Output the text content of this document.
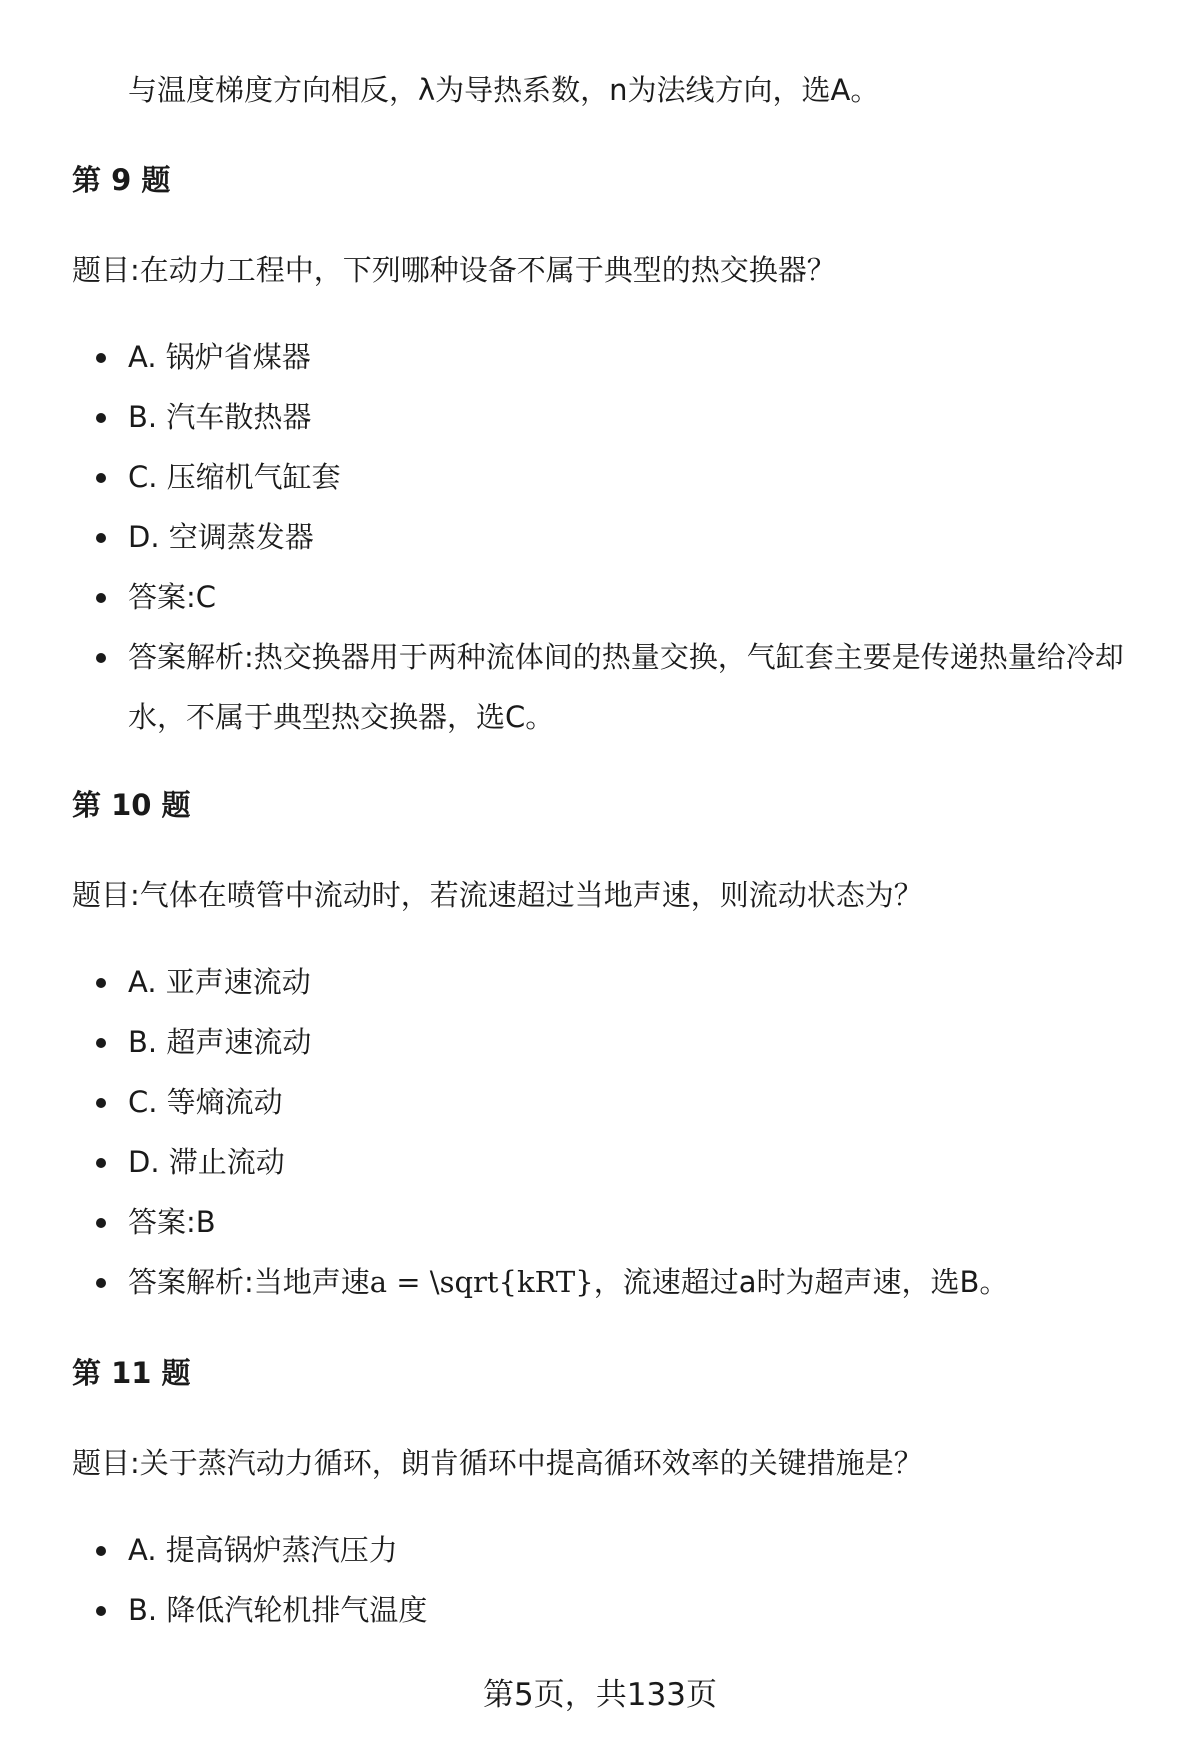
与温度梯度方向相反，λ为导热系数，n为法线方向，选A。
第 9 题
题目:在动力工程中，下列哪种设备不属于典型的热交换器？
A. 锅炉省煤器
B. 汽车散热器
C. 压缩机气缸套
D. 空调蒸发器
答案:C
答案解析:热交换器用于两种流体间的热量交换，气缸套主要是传递热量给冷却
水，不属于典型热交换器，选C。
第 10 题
题目:气体在喷管中流动时，若流速超过当地声速，则流动状态为？
A. 亚声速流动
B. 超声速流动
C. 等熵流动
D. 滞止流动
答案:B
答案解析:当地声速a = \sqrt{kRT}，流速超过a时为超声速，选B。
第 11 题
题目:关于蒸汽动力循环，朗肯循环中提高循环效率的关键措施是？
A. 提高锅炉蒸汽压力
B. 降低汽轮机排气温度
第5页，共133页
